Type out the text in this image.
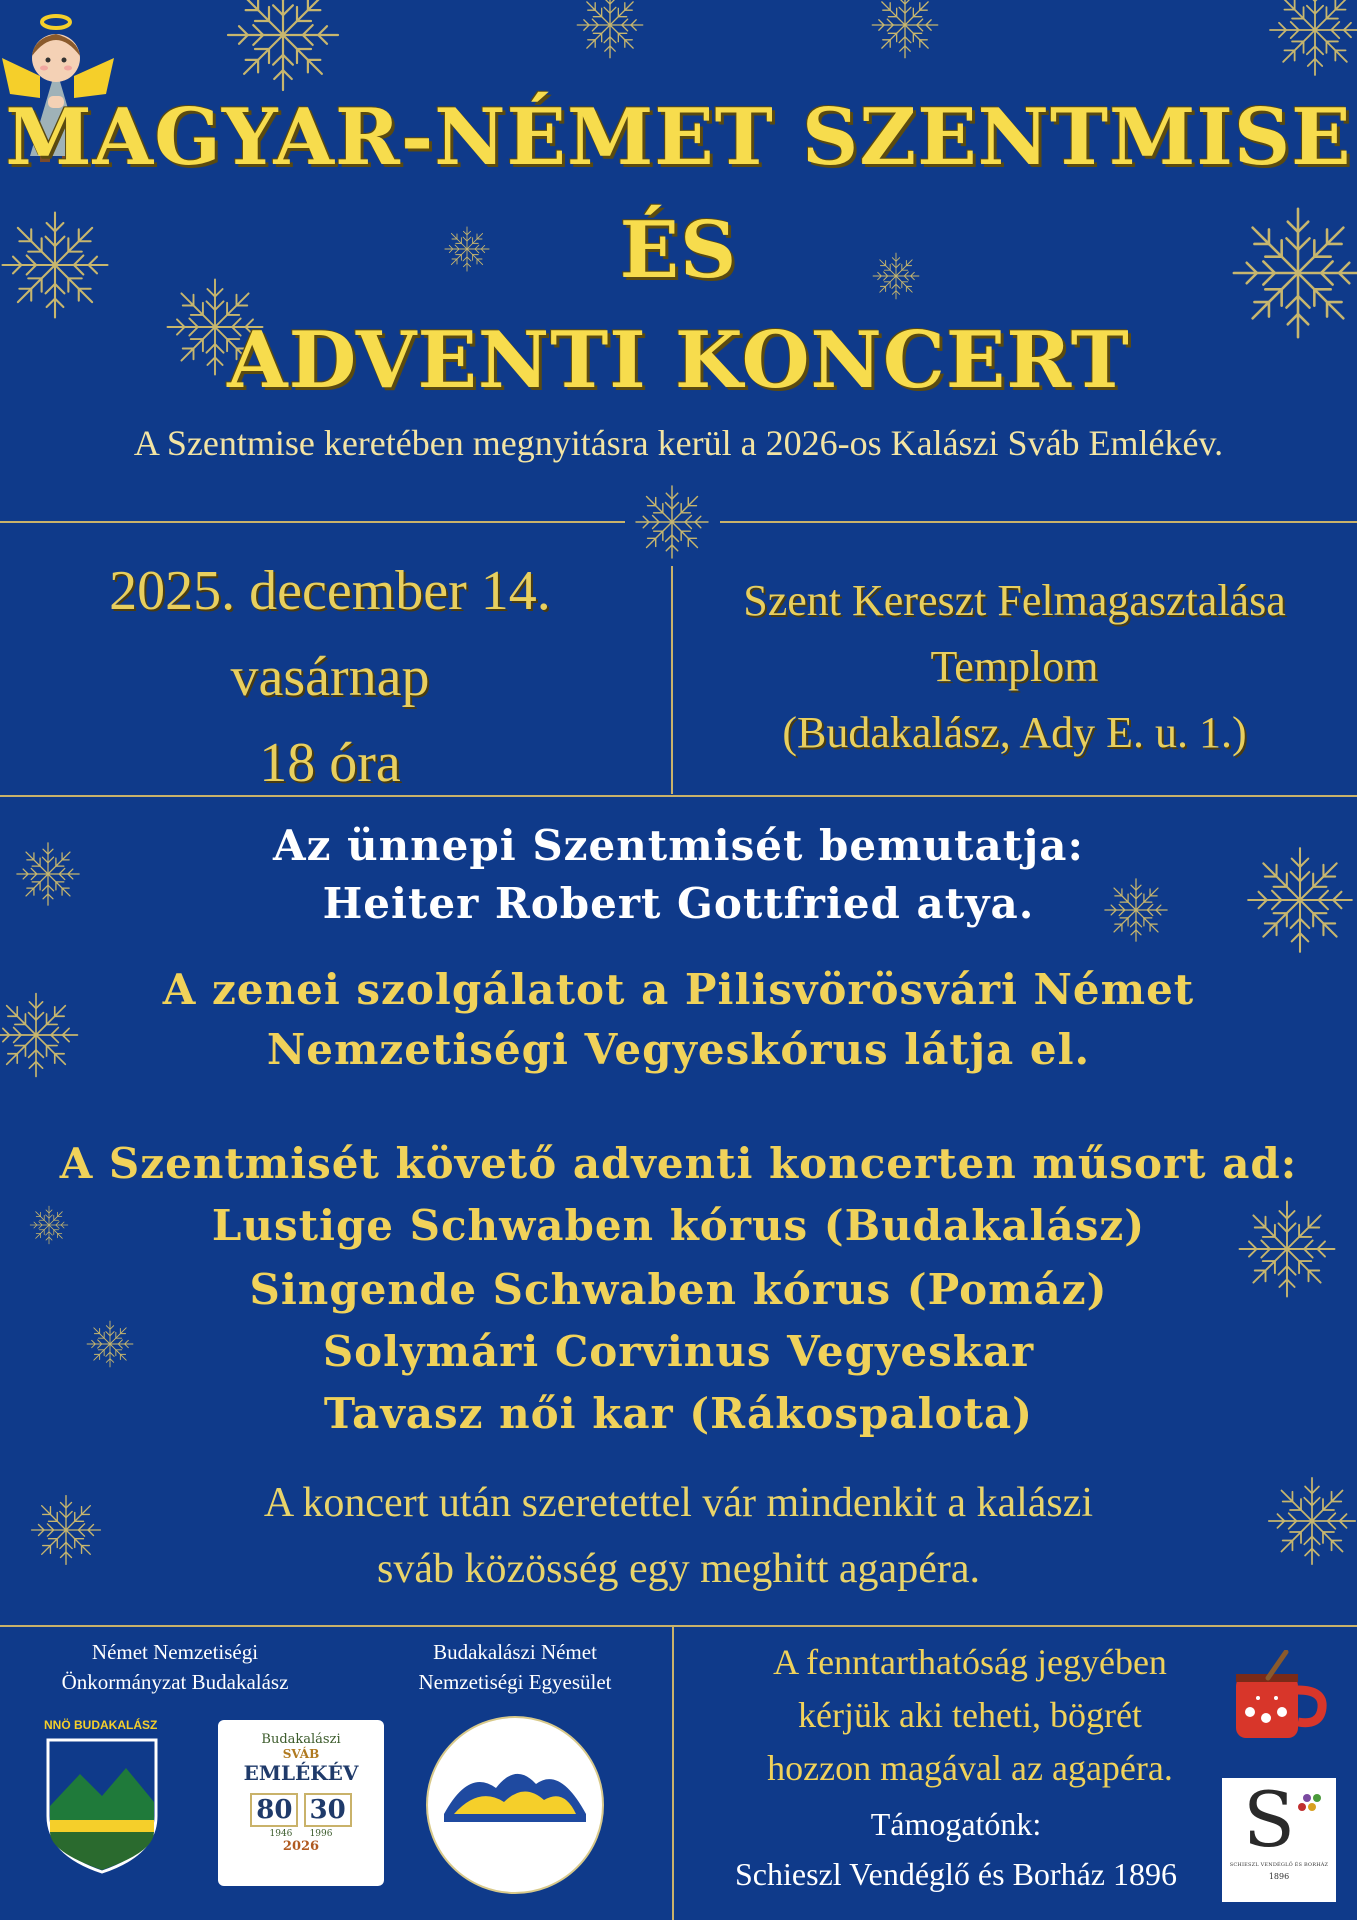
MAGYAR-NÉMET SZENTMISE
ÉS
ADVENTI KONCERT
A Szentmise keretében megnyitásra kerül a 2026-os Kalászi Sváb Emlékév.
2025. december 14.
vasárnap
18 óra
Szent Kereszt Felmagasztalása
Templom
(Budakalász, Ady E. u. 1.)
Az ünnepi Szentmisét bemutatja:
Heiter Robert Gottfried atya.
A zenei szolgálatot a Pilisvörösvári Német
Nemzetiségi Vegyeskórus látja el.
A Szentmisét követő adventi koncerten műsort ad:
Lustige Schwaben kórus (Budakalász)
Singende Schwaben kórus (Pomáz)
Solymári Corvinus Vegyeskar
Tavasz női kar (Rákospalota)
A koncert után szeretettel vár mindenkit a kalászi
sváb közösség egy meghitt agapéra.
Német Nemzetiségi
Önkormányzat Budakalász
Budakalászi Német
Nemzetiségi Egyesület
NNÖ BUDAKALÁSZ
Budakalászi
SVÁB
EMLÉKÉV
80 30
1946 1996
2026
A fenntarthatóság jegyében
kérjük aki teheti, bögrét
hozzon magával az agapéra.
Támogatónk:
Schieszl Vendéglő és Borház 1896
S
SCHIESZL VENDÉGLŐ ÉS BORHÁZ
1896
